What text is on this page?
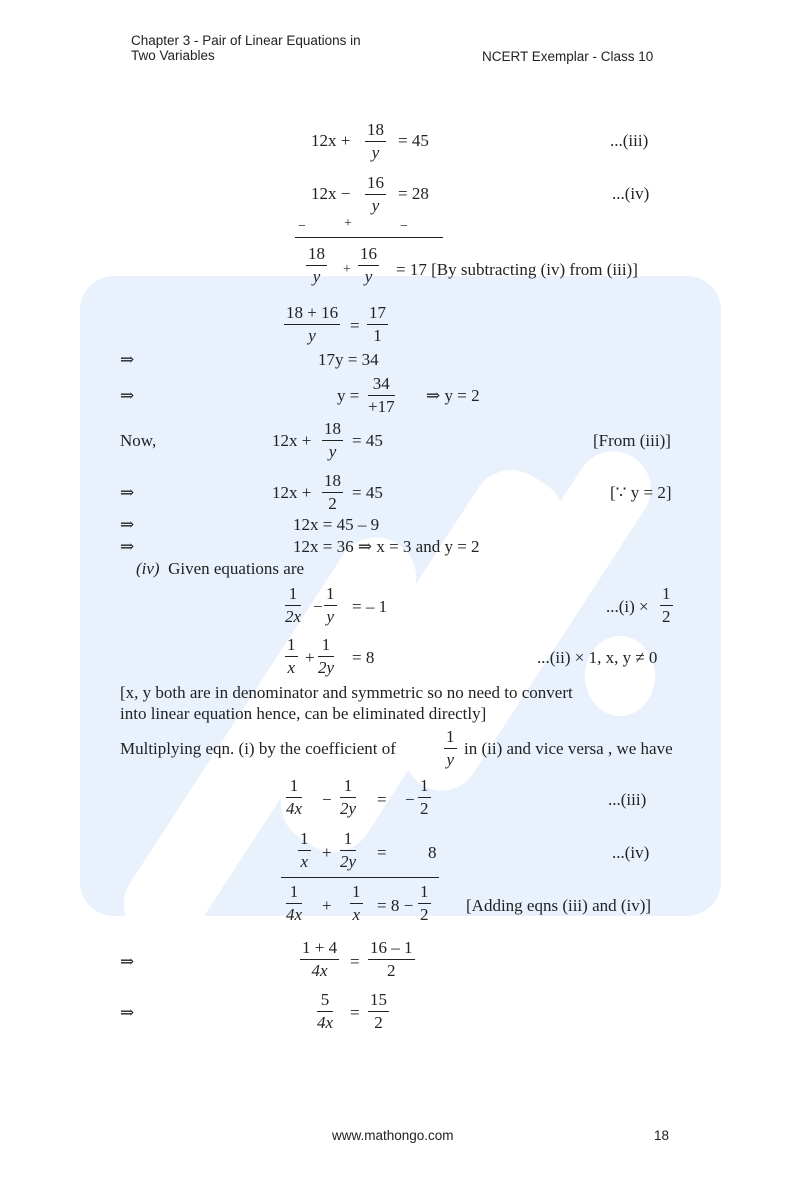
Chapter 3 - Pair of Linear Equations in
Two Variables	NCERT Exemplar - Class 10
$12x + \frac{18}{y} = 45$	...(iii)
$12x - \frac{16}{y} = 28$	...(iv)
−	+	−
$\frac{18}{y} + \frac{16}{y} = 17$ [By subtracting (iv) from (iii)]
$\frac{18 + 16}{y} = \frac{17}{1}$
⇒	17y = 34
⇒	$y = \frac{34}{+17}$ ⇒ y = 2
Now,	$12x + \frac{18}{y} = 45$	[From (iii)]
⇒	$12x + \frac{18}{2} = 45$	[∵ y = 2]
⇒	12x = 45 – 9
⇒	12x = 36 ⇒ x = 3 and y = 2
(iv) Given equations are
$\frac{1}{2x} - \frac{1}{y}$ = – 1	$...(i) \times \frac{1}{2}$
$\frac{1}{x} + \frac{1}{2y} = 8$	...(ii) × 1, x, y ≠ 0
[x, y both are in denominator and symmetric so no need to convert
into linear equation hence, can be eliminated directly]
Multiplying eqn. (i) by the coefficient of	$\frac{1}{y}$ in (ii) and vice versa , we have
$\frac{1}{4x} - \frac{1}{2y}$ = − $\frac{1}{2}$	...(iii)
$\frac{1}{x} + \frac{1}{2y} = 8$	...(iv)
$\frac{1}{4x} + \frac{1}{x} = 8 - \frac{1}{2}$ [Adding eqns (iii) and (iv)]
⇒	$\frac{1 + 4}{4x} = \frac{16 - 1}{2}$
⇒	$\frac{5}{4x} = \frac{15}{2}$
www.mathongo.com	18
